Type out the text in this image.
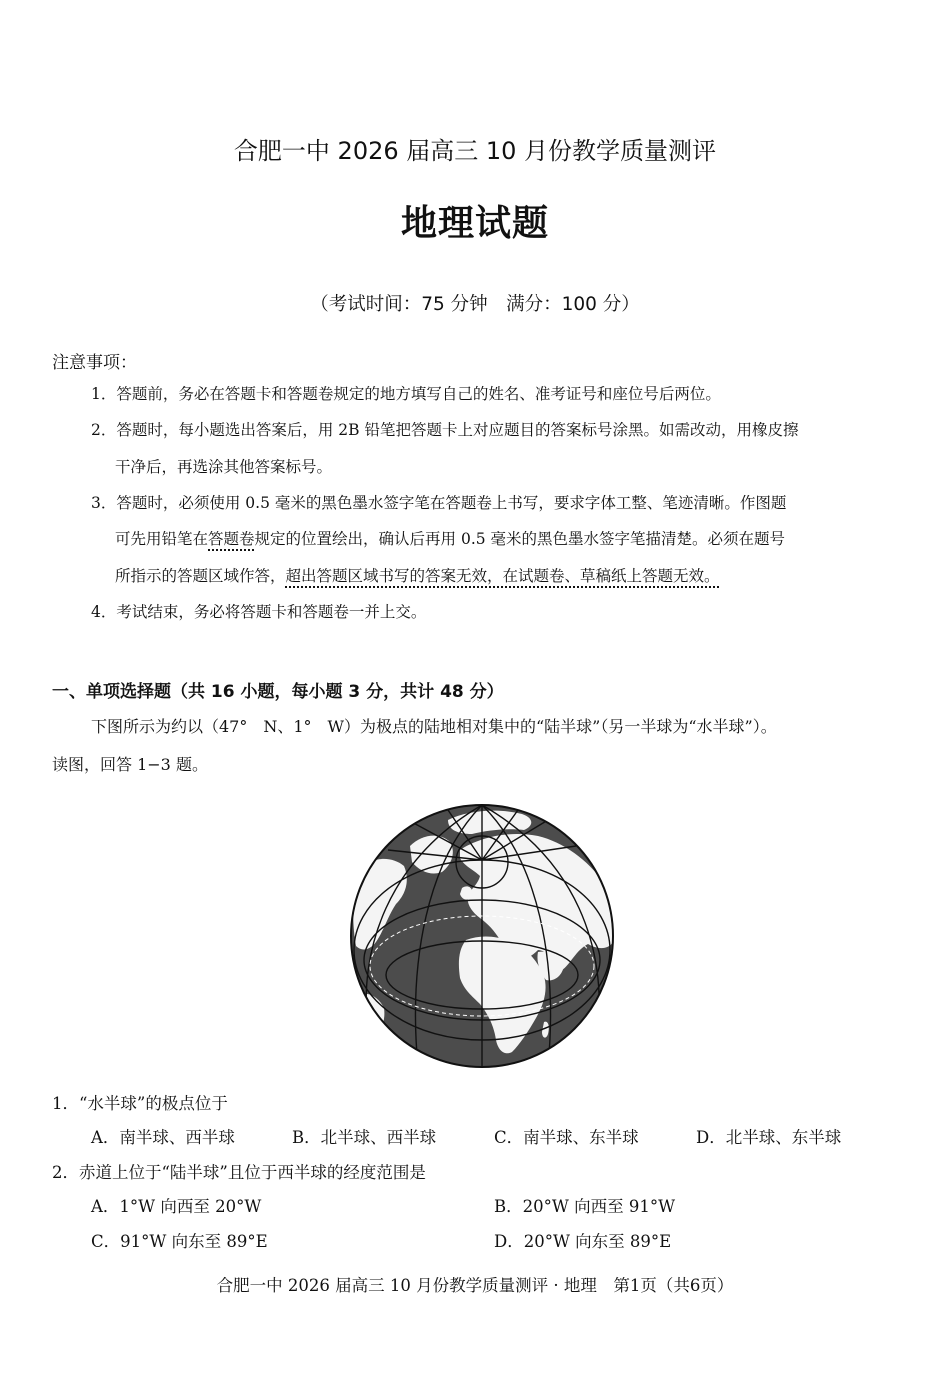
合肥一中 2026 届高三 10 月份教学质量测评
地理试题
（考试时间：75 分钟　满分：100 分）
注意事项：
1．答题前，务必在答题卡和答题卷规定的地方填写自己的姓名、准考证号和座位号后两位。
2．答题时，每小题选出答案后，用 2B 铅笔把答题卡上对应题目的答案标号涂黑。如需改动，用橡皮擦
干净后，再选涂其他答案标号。
3．答题时，必须使用 0.5 毫米的黑色墨水签字笔在答题卷上书写，要求字体工整、笔迹清晰。作图题
可先用铅笔在答题卷规定的位置绘出，确认后再用 0.5 毫米的黑色墨水签字笔描清楚。必须在题号
所指示的答题区域作答，超出答题区域书写的答案无效，在试题卷、草稿纸上答题无效。
4．考试结束，务必将答题卡和答题卷一并上交。
一、单项选择题（共 16 小题，每小题 3 分，共计 48 分）
下图所示为约以（47°　N、1°　W）为极点的陆地相对集中的“陆半球”（另一半球为“水半球”）。
读图，回答 1−3 题。
1．“水半球”的极点位于
A．南半球、西半球	B．北半球、西半球	C．南半球、东半球	D．北半球、东半球
2．赤道上位于“陆半球”且位于西半球的经度范围是
A．1°W 向西至 20°W	B．20°W 向西至 91°W
C．91°W 向东至 89°E	D．20°W 向东至 89°E
合肥一中 2026 届高三 10 月份教学质量测评 · 地理　第1页（共6页）
